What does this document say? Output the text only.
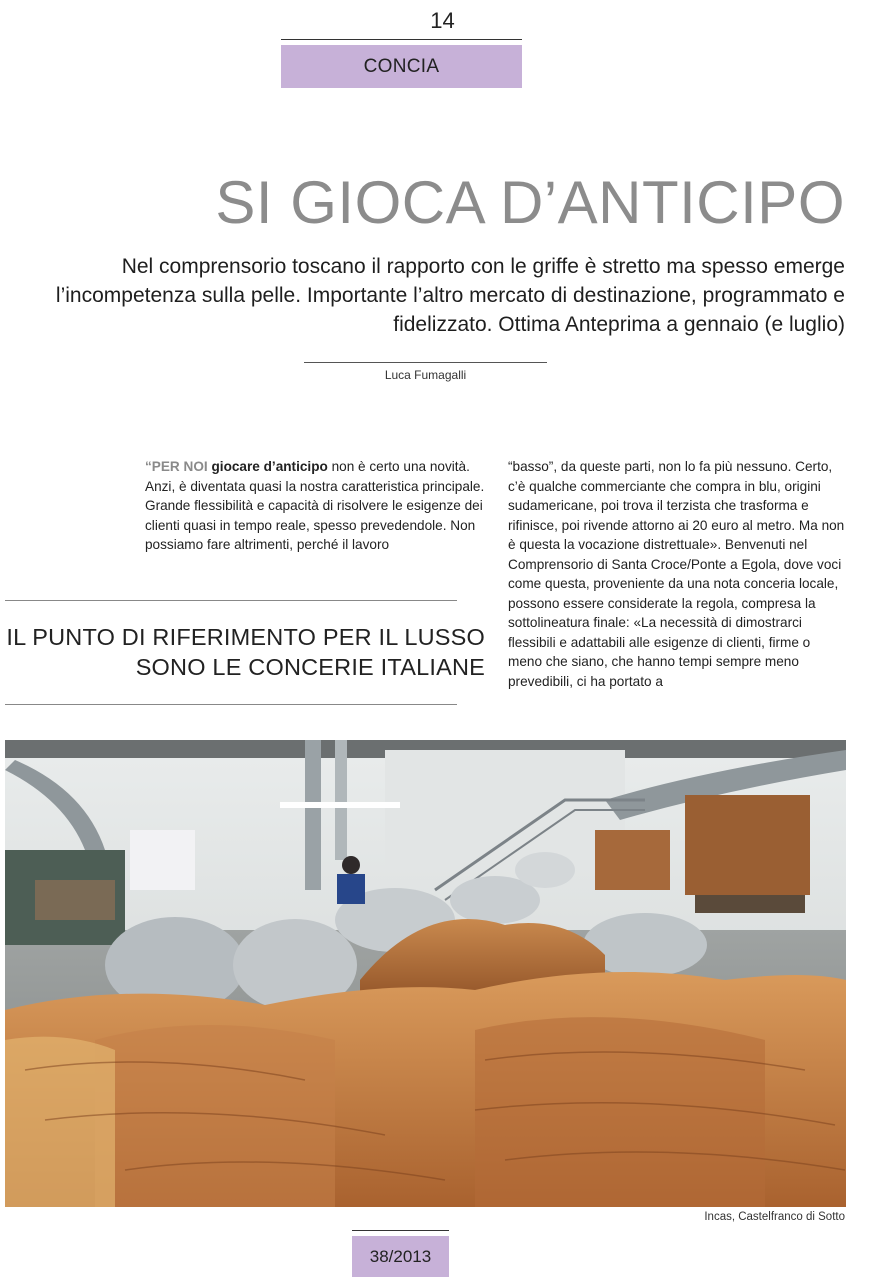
14
CONCIA
SI GIOCA D’ANTICIPO
Nel comprensorio toscano il rapporto con le griffe è stretto ma spesso emerge l’incompetenza sulla pelle. Importante l’altro mercato di destinazione, programmato e fidelizzato. Ottima Anteprima a gennaio (e luglio)
Luca Fumagalli
“PER NOI giocare d’anticipo non è certo una novità. Anzi, è diventata quasi la nostra caratteristica principale. Grande flessibilità e capacità di risolvere le esigenze dei clienti quasi in tempo reale, spesso prevedendole. Non possiamo fare altrimenti, perché il lavoro
“basso”, da queste parti, non lo fa più nessuno. Certo, c’è qualche commerciante che compra in blu, origini sudamericane, poi trova il terzista che trasforma e rifinisce, poi rivende attorno ai 20 euro al metro. Ma non è questa la vocazione distrettuale». Benvenuti nel Comprensorio di Santa Croce/Ponte a Egola, dove voci come questa, proveniente da una nota conceria locale, possono essere considerate la regola, compresa la sottolineatura finale: «La necessità di dimostrarci flessibili e adattabili alle esigenze di clienti, firme o meno che siano, che hanno tempi sempre meno prevedibili, ci ha portato a
IL PUNTO DI RIFERIMENTO PER IL LUSSO SONO LE CONCERIE ITALIANE
Incas, Castelfranco di Sotto
38/2013
